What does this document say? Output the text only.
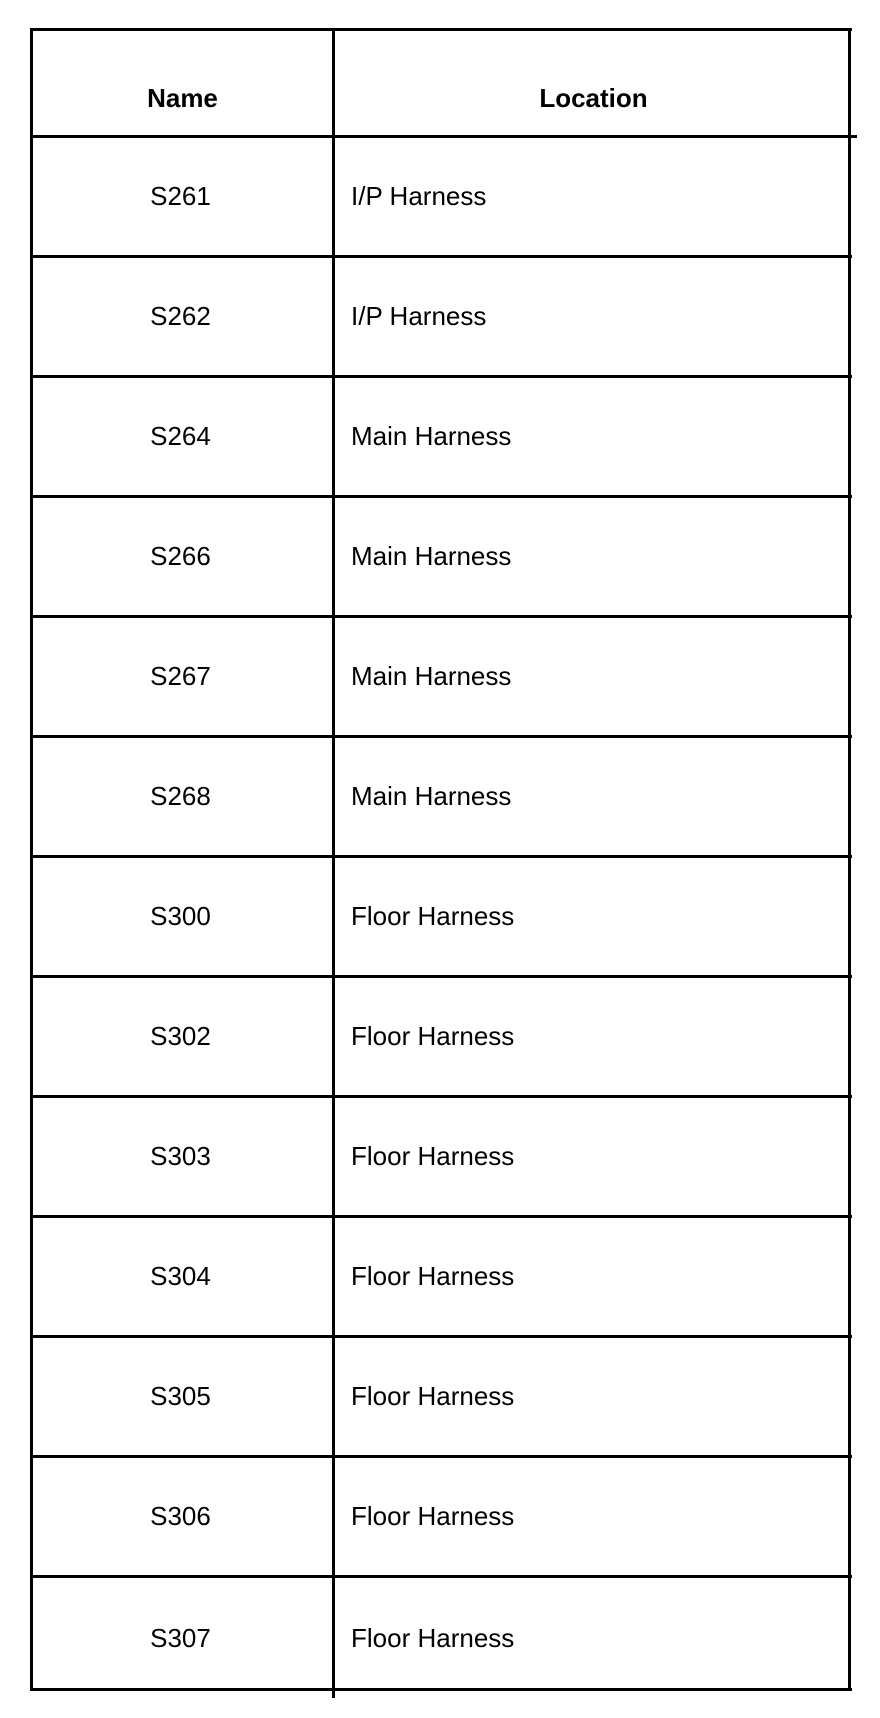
Name	Location
S261	I/P Harness
S262	I/P Harness
S264	Main Harness
S266	Main Harness
S267	Main Harness
S268	Main Harness
S300	Floor Harness
S302	Floor Harness
S303	Floor Harness
S304	Floor Harness
S305	Floor Harness
S306	Floor Harness
S307	Floor Harness
